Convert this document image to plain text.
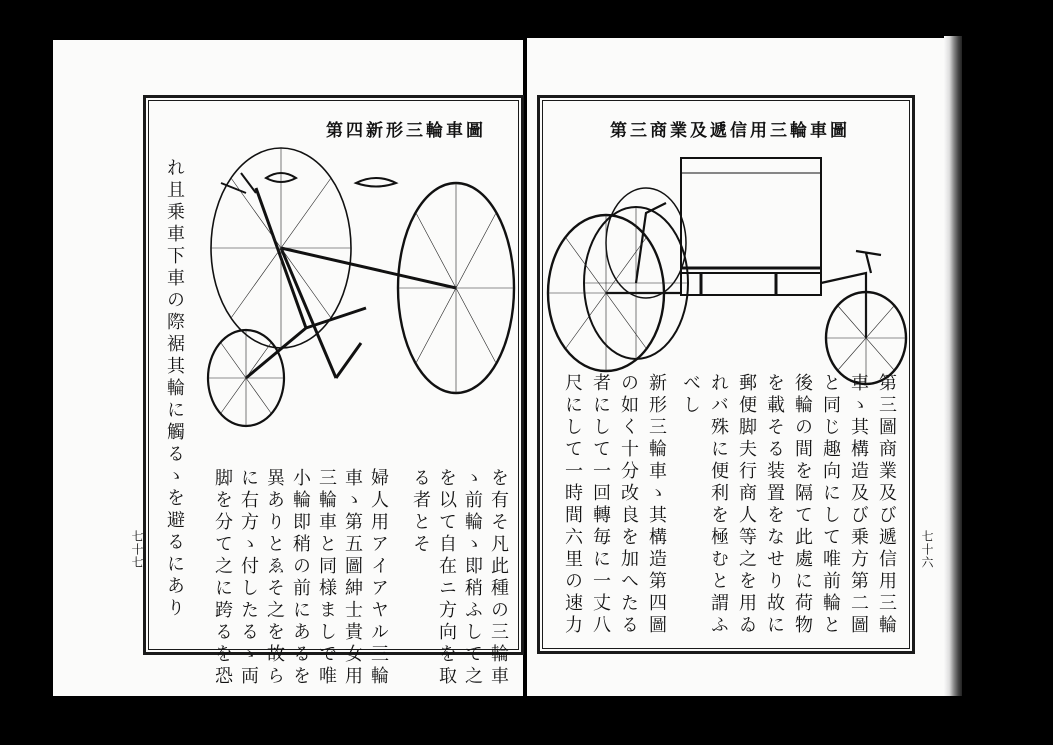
第四新形三輪車圖
れ且乗車下車の際裾其輪に觸るゝを避るにあり	を有そ凡此種の三輪車
ゝ前輪ゝ即稍ふして之
を以て自在ニ方向を取
る者とそ
婦人用アイアヤル三輪
車ゝ第五圖紳士貴女用
三輪車と同様ましで唯
小輪即稍の前にあるを
異ありとゑそ之を故ら
に右方ゝ付したるゝ両
脚を分て之に跨るを恐
七十七
第三商業及遞信用三輪車圖
第三圖商業及び遞信用三輪
車ゝ其構造及び乗方第二圖
と同じ趣向にして唯前輪と
後輪の間を隔て此處に荷物
を載そる装置をなせり故に
郵便脚夫行商人等之を用ゐ
れバ殊に便利を極むと謂ふ
べし
新形三輪車ゝ其構造第四圖
の如く十分改良を加へたる
者にして一回轉毎に一丈八
尺にして一時間六里の速力	七十六
